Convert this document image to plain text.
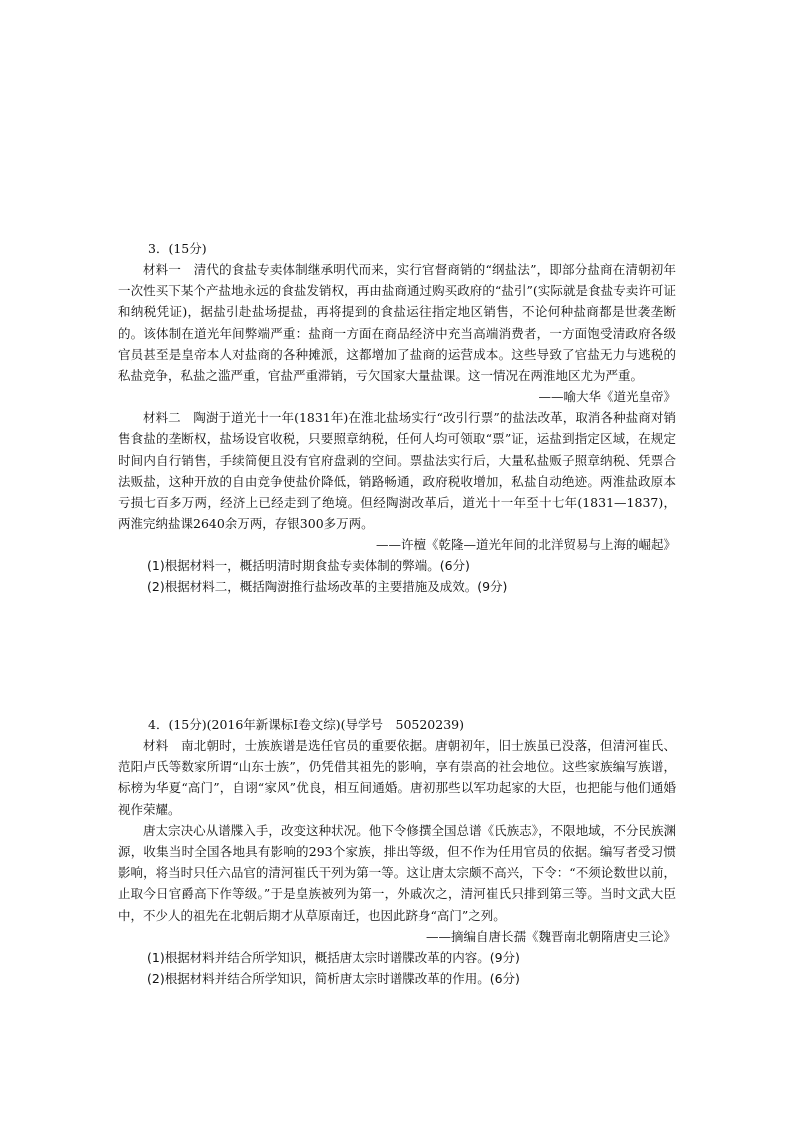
3．(15分)

材料一　 清代的食盐专卖体制继承明代而来，实行官督商销的“纲盐法”，即部分盐商在清朝初年一次性买下某个产盐地永远的食盐发销权，再由盐商通过购买政府的“盐引”(实际就是食盐专卖许可证和纳税凭证)，据盐引赴盐场提盐，再将提到的食盐运往指定地区销售，不论何种盐商都是世袭垄断的。该体制在道光年间弊端严重：盐商一方面在商品经济中充当高端消费者，一方面饱受清政府各级官员甚至是皇帝本人对盐商的各种摊派，这都增加了盐商的运营成本。这些导致了官盐无力与逃税的私盐竞争，私盐之滥严重，官盐严重滞销，亏欠国家大量盐课。这一情况在两淮地区尤为严重。

——喻大华《道光皇帝》

材料二　 陶澍于道光十一年(1831年)在淮北盐场实行“改引行票”的盐法改革，取消各种盐商对销售食盐的垄断权，盐场设官收税，只要照章纳税，任何人均可领取“票”证，运盐到指定区域，在规定时间内自行销售，手续简便且没有官府盘剥的空间。票盐法实行后，大量私盐贩子照章纳税、凭票合法贩盐，这种开放的自由竞争使盐价降低，销路畅通，政府税收增加，私盐自动绝迹。两淮盐政原本亏损七百多万两，经济上已经走到了绝境。但经陶澍改革后，道光十一年至十七年(1831—1837)，两淮完纳盐课2640余万两，存银300多万两。

——许檀《乾隆—道光年间的北洋贸易与上海的崛起》

(1)根据材料一，概括明清时期食盐专卖体制的弊端。(6分)

(2)根据材料二，概括陶澍推行盐场改革的主要措施及成效。(9分)

4．(15分)(2016年新课标Ⅰ卷文综)(导学号　50520239)

材料　 南北朝时，士族族谱是选任官员的重要依据。唐朝初年，旧士族虽已没落，但清河崔氏、范阳卢氏等数家所谓“山东士族”，仍凭借其祖先的影响，享有崇高的社会地位。这些家族编写族谱，标榜为华夏“高门”，自诩“家风”优良，相互间通婚。唐初那些以军功起家的大臣，也把能与他们通婚视作荣耀。

唐太宗决心从谱牒入手，改变这种状况。他下令修撰全国总谱《氏族志》，不限地域，不分民族渊源，收集当时全国各地具有影响的293个家族，排出等级，但不作为任用官员的依据。编写者受习惯影响，将当时只任六品官的清河崔氏干列为第一等。这让唐太宗颇不高兴，下令：“不须论数世以前，止取今日官爵高下作等级。”于是皇族被列为第一，外戚次之，清河崔氏只排到第三等。当时文武大臣中，不少人的祖先在北朝后期才从草原南迁，也因此跻身“高门”之列。

——摘编自唐长孺《魏晋南北朝隋唐史三论》

(1)根据材料并结合所学知识，概括唐太宗时谱牒改革的内容。(9分)

(2)根据材料并结合所学知识，简析唐太宗时谱牒改革的作用。(6分)
